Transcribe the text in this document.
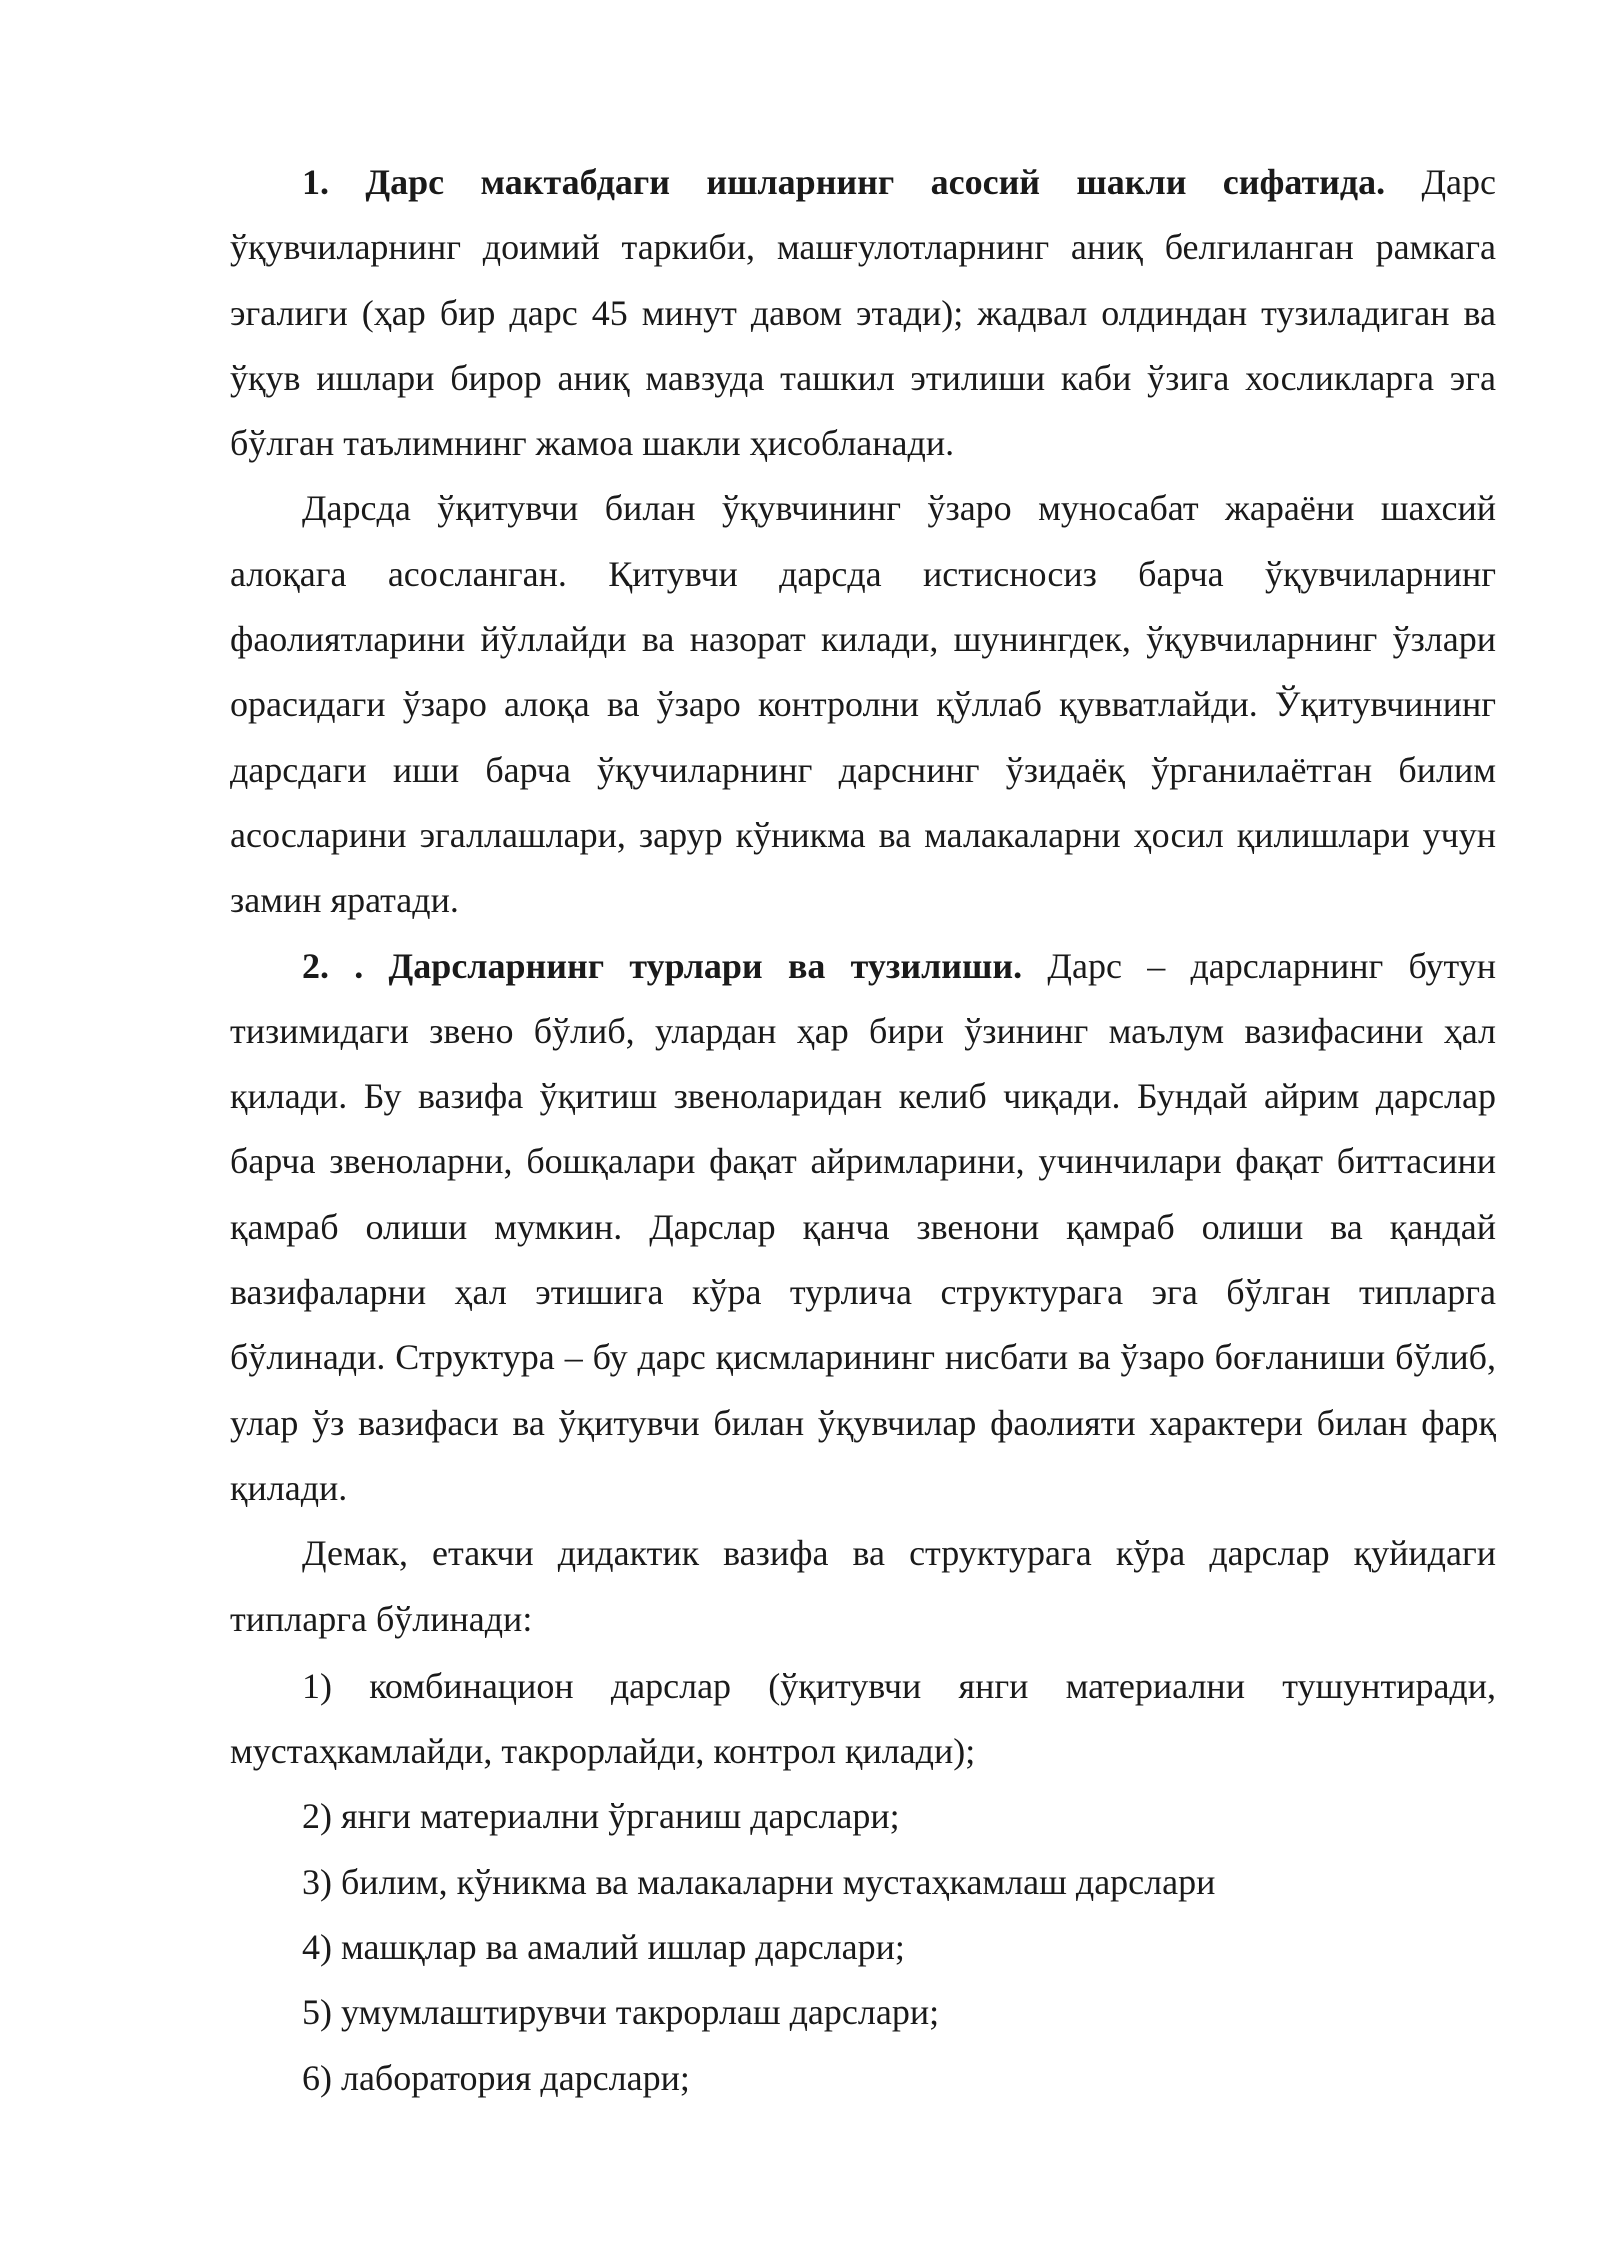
1. Дарс мактабдаги ишларнинг асосий шакли сифатида. Дарс ўқувчиларнинг доимий таркиби, машғулотларнинг аниқ белгиланган рамкага эгалиги (ҳар бир дарс 45 минут давом этади); жадвал олдиндан тузиладиган ва ўқув ишлари бирор аниқ мавзуда ташкил этилиши каби ўзига хосликларга эга бўлган таълимнинг жамоа шакли ҳисобланади.

Дарсда ўқитувчи билан ўқувчининг ўзаро муносабат жараёни шахсий алоқага асосланган. Қитувчи дарсда истисносиз барча ўқувчиларнинг фаолиятларини йўллайди ва назорат килади, шунингдек, ўқувчиларнинг ўзлари орасидаги ўзаро алоқа ва ўзаро контролни қўллаб қувватлайди. Ўқитувчининг дарсдаги иши барча ўқучиларнинг дарснинг ўзидаёқ ўрганилаётган билим асосларини эгаллашлари, зарур кўникма ва малакаларни ҳосил қилишлари учун замин яратади.

2. . Дарсларнинг турлари ва тузилиши. Дарс – дарсларнинг бутун тизимидаги звено бўлиб, улардан ҳар бири ўзининг маълум вазифасини ҳал қилади. Бу вазифа ўқитиш звеноларидан келиб чиқади. Бундай айрим дарслар барча звеноларни, бошқалари фақат айримларини, учинчилари фақат биттасини қамраб олиши мумкин. Дарслар қанча звенони қамраб олиши ва қандай вазифаларни ҳал этишига кўра турлича структурага эга бўлган типларга бўлинади. Структура – бу дарс қисмларининг нисбати ва ўзаро боғланиши бўлиб, улар ўз вазифаси ва ўқитувчи билан ўқувчилар фаолияти характери билан фарқ қилади.

Демак, етакчи дидактик вазифа ва структурага кўра дарслар қуйидаги типларга бўлинади:

1) комбинацион дарслар (ўқитувчи янги материални тушунтиради, мустаҳкамлайди, такрорлайди, контрол қилади);

2) янги материални ўрганиш дарслари;

3) билим, кўникма ва малакаларни мустаҳкамлаш дарслари

4) машқлар ва амалий ишлар дарслари;

5) умумлаштирувчи такрорлаш дарслари;

6) лаборатория дарслари;
